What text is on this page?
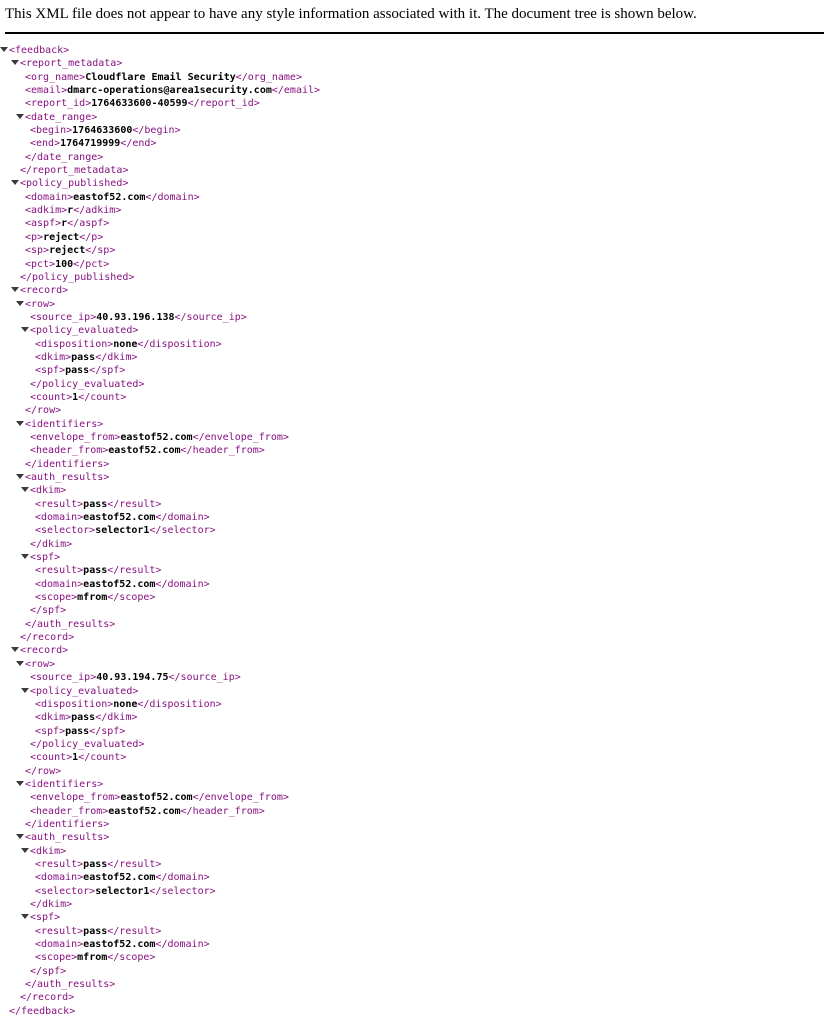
This XML file does not appear to have any style information associated with it. The document tree is shown below.
<feedback>
<report_metadata>
<org_name>Cloudflare Email Security</org_name>
<email>dmarc-operations@area1security.com</email>
<report_id>1764633600-40599</report_id>
<date_range>
<begin>1764633600</begin>
<end>1764719999</end>
</date_range>
</report_metadata>
<policy_published>
<domain>eastof52.com</domain>
<adkim>r</adkim>
<aspf>r</aspf>
<p>reject</p>
<sp>reject</sp>
<pct>100</pct>
</policy_published>
<record>
<row>
<source_ip>40.93.196.138</source_ip>
<policy_evaluated>
<disposition>none</disposition>
<dkim>pass</dkim>
<spf>pass</spf>
</policy_evaluated>
<count>1</count>
</row>
<identifiers>
<envelope_from>eastof52.com</envelope_from>
<header_from>eastof52.com</header_from>
</identifiers>
<auth_results>
<dkim>
<result>pass</result>
<domain>eastof52.com</domain>
<selector>selector1</selector>
</dkim>
<spf>
<result>pass</result>
<domain>eastof52.com</domain>
<scope>mfrom</scope>
</spf>
</auth_results>
</record>
<record>
<row>
<source_ip>40.93.194.75</source_ip>
<policy_evaluated>
<disposition>none</disposition>
<dkim>pass</dkim>
<spf>pass</spf>
</policy_evaluated>
<count>1</count>
</row>
<identifiers>
<envelope_from>eastof52.com</envelope_from>
<header_from>eastof52.com</header_from>
</identifiers>
<auth_results>
<dkim>
<result>pass</result>
<domain>eastof52.com</domain>
<selector>selector1</selector>
</dkim>
<spf>
<result>pass</result>
<domain>eastof52.com</domain>
<scope>mfrom</scope>
</spf>
</auth_results>
</record>
</feedback>
